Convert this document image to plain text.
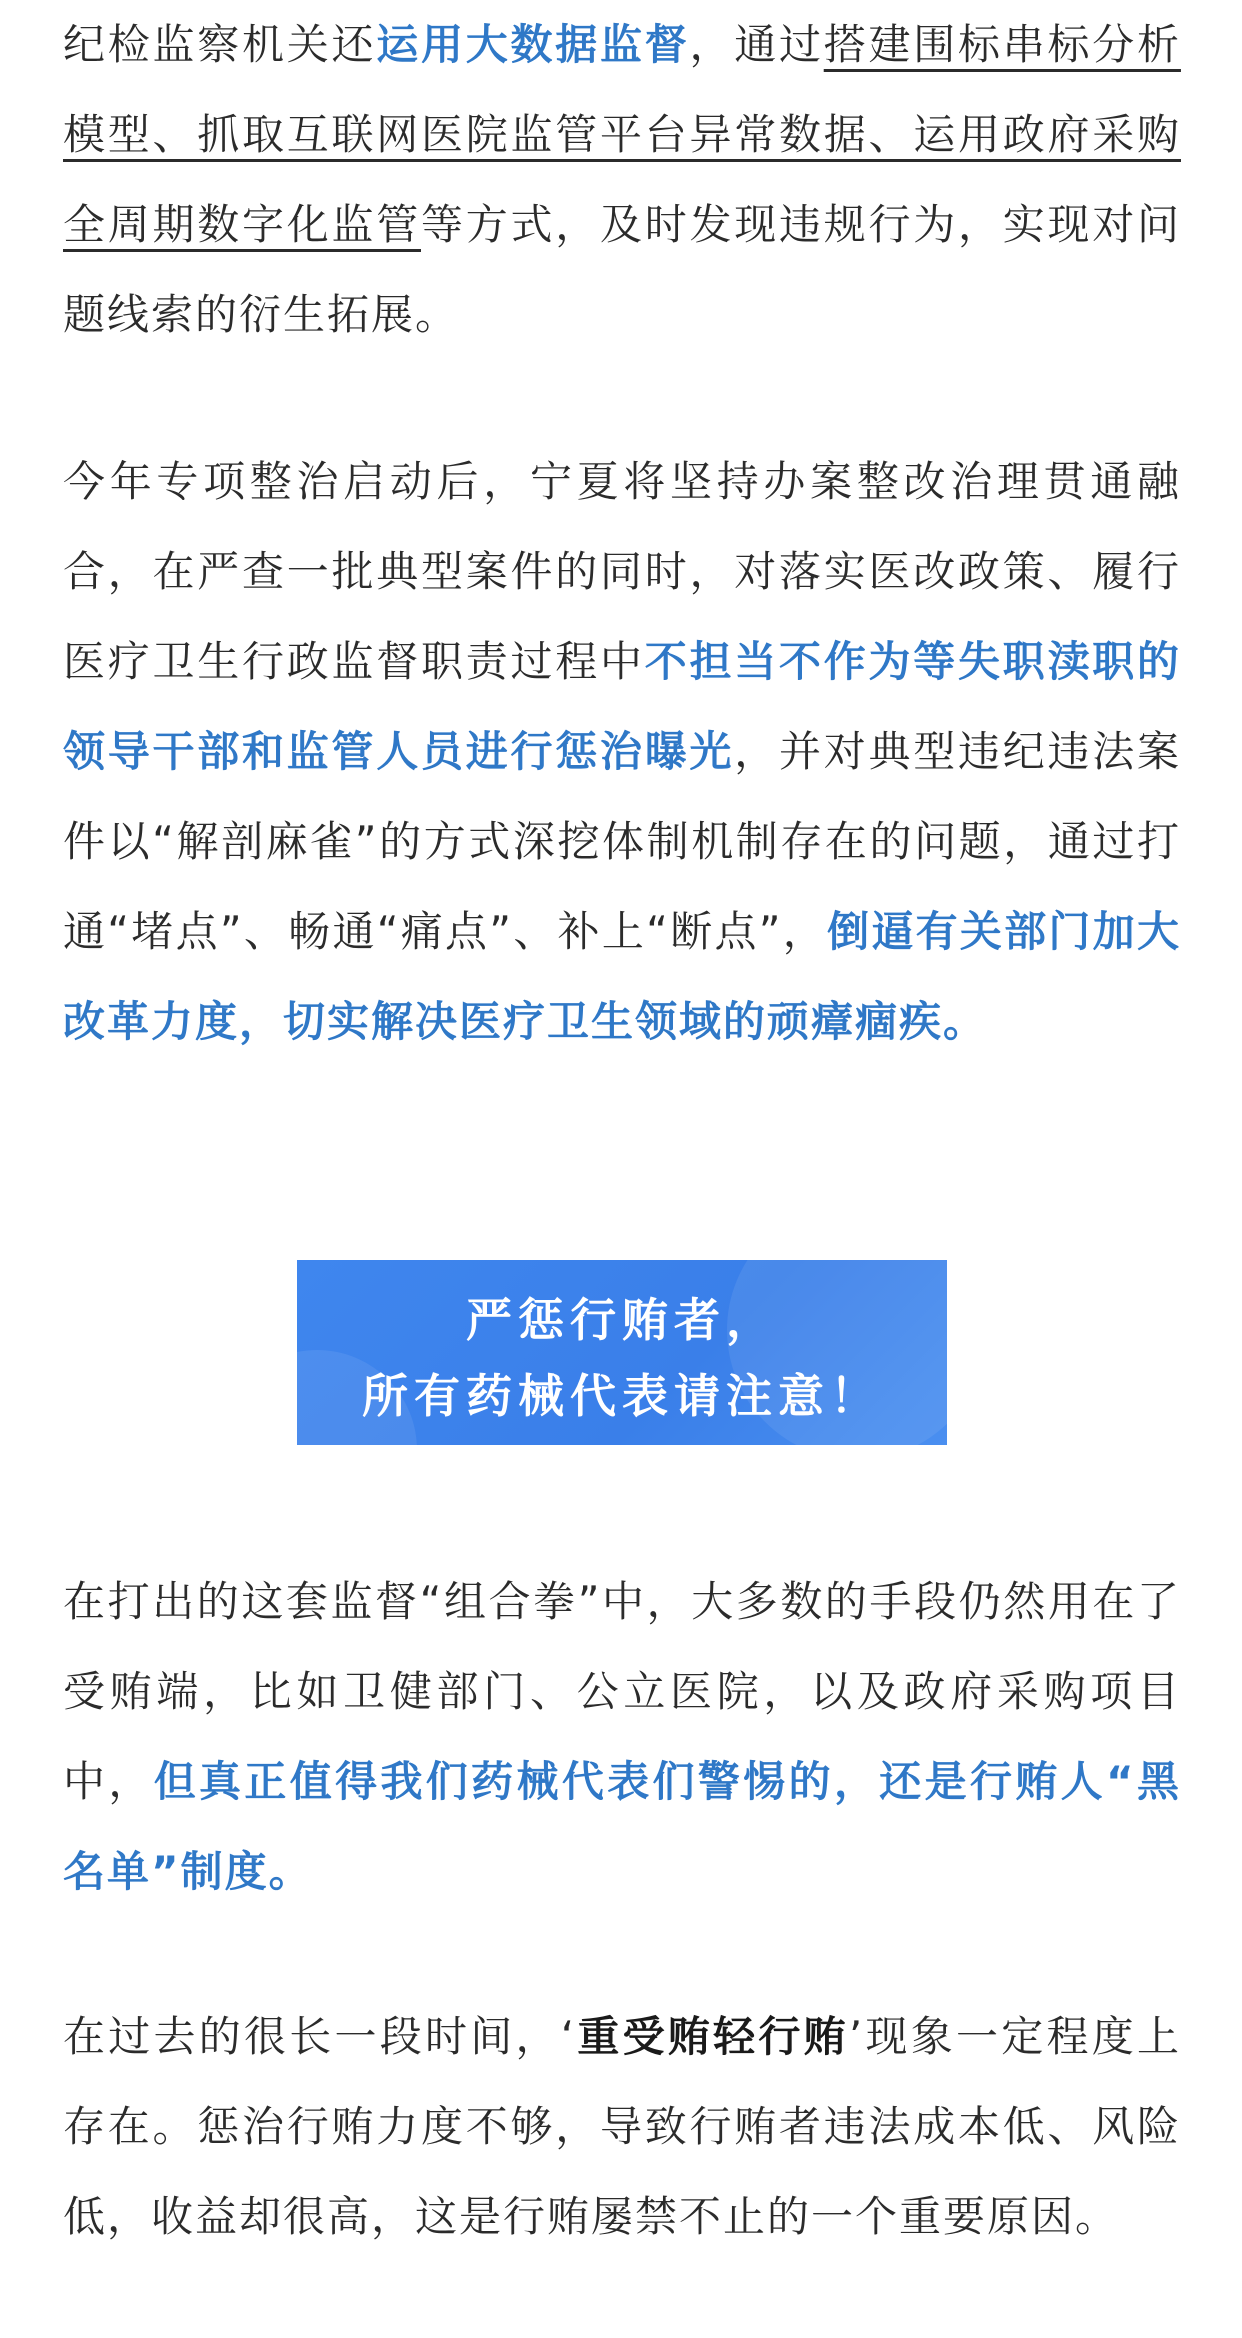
纪检监察机关还运用大数据监督，通过搭建围标串标分析模型、抓取互联网医院监管平台异常数据、运用政府采购全周期数字化监管等方式，及时发现违规行为，实现对问题线索的衍生拓展。

今年专项整治启动后，宁夏将坚持办案整改治理贯通融合，在严查一批典型案件的同时，对落实医改政策、履行医疗卫生行政监督职责过程中不担当不作为等失职渎职的领导干部和监管人员进行惩治曝光，并对典型违纪违法案件以“解剖麻雀”的方式深挖体制机制存在的问题，通过打通“堵点”、畅通“痛点”、补上“断点”，倒逼有关部门加大改革力度，切实解决医疗卫生领域的顽瘴痼疾。

在打出的这套监督“组合拳”中，大多数的手段仍然用在了受贿端，比如卫健部门、公立医院，以及政府采购项目中，但真正值得我们药械代表们警惕的，还是行贿人“黑名单”制度。

在过去的很长一段时间，‘重受贿轻行贿’现象一定程度上存在。惩治行贿力度不够，导致行贿者违法成本低、风险低，收益却很高，这是行贿屡禁不止的一个重要原因。

严惩行贿者，
所有药械代表请注意！
